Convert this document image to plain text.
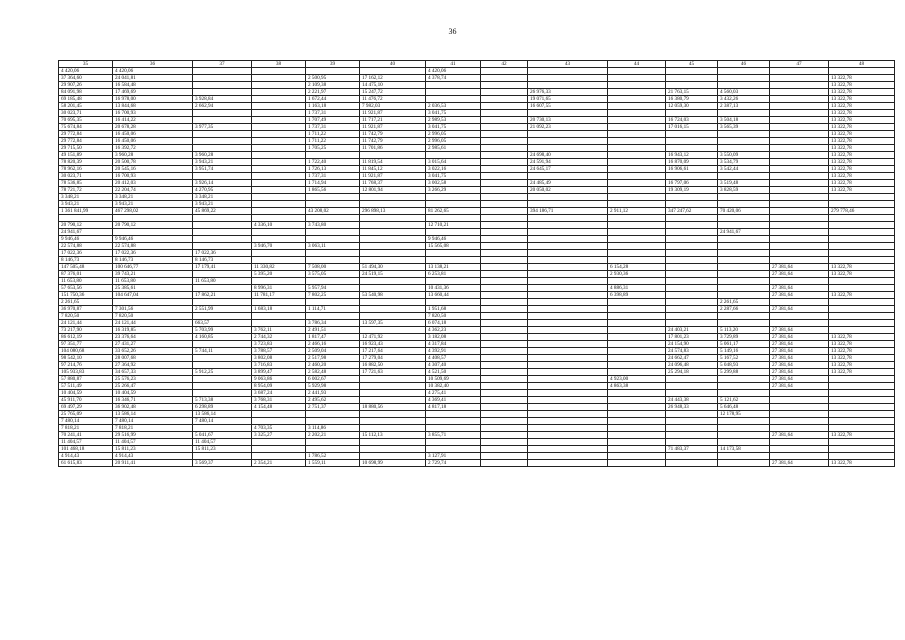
36
35	36	37	38	39	40	41	42	43	44	45	46	47	48
4 420,06	4 420,06					4 420,06							
37 364,60	24 041,81			2 500,95	17 162,12	4 378,74							13 322,78
29 907,26	16 584,48			2 109,38	14 475,10								13 322,78
84 091,98	17 469,69			2 221,97	15 247,72			26 976,33		21 763,15	4 560,03		13 322,78
69 185,48	16 978,00	3 928,84		1 672,44	11 476,72			19 071,65		16 380,79	3 432,26		13 322,78
58 201,45	13 844,68	2 662,94		1 163,18	7 982,03	2 036,53		16 607,55		12 059,30	2 387,13		13 322,78
30 023,71	16 700,93			1 737,31	11 921,87	3 041,75							13 322,78
70 695,35	16 414,22			1 707,49	11 717,21	2 989,53		20 730,13		16 724,03	3 504,18		13 322,78
75 674,84	20 678,28	3 977,35		1 737,31	11 921,87	3 041,75		21 092,23		17 016,15	3 565,39		13 322,78
29 772,84	16 450,06			1 711,22	11 742,79	2 996,05							13 322,78
29 772,84	16 450,06			1 711,22	11 742,79	2 996,05							13 322,78
29 715,50	16 392,72			1 705,25	11 701,86	2 985,61							13 322,78
49 151,89	3 960,28	3 960,28						24 698,40		16 943,12	3 550,09		13 322,78
78 820,39	20 500,78	3 943,21		1 722,40	11 819,54	3 015,64		24 591,94		16 870,09	3 534,79		13 322,78
78 962,16	20 545,16	3 951,74		1 726,13	11 845,12	3 022,16		24 645,17		16 906,61	3 542,44		13 322,78
30 023,71	16 700,93			1 737,31	11 921,87	3 041,75							13 322,78
78 536,85	20 412,03	3 926,14		1 714,94	11 768,37	3 002,58		24 485,49		16 797,06	3 519,48		13 322,78
78 721,72	22 204,74	4 270,95		1 865,56	12 801,94	3 266,29		20 050,02		19 309,19	3 828,59		13 322,78
3 348,21	3 348,21	3 348,21											
3 943,21	3 943,21	3 943,21											
1 361 841,99	467 298,02	45 869,22		43 208,02	296 898,13	81 262,65		394 186,71	2 911,12	347 247,62	70 420,06		279 778,46

20 790,12	20 790,12		4 336,10	3 743,80		12 710,21							
24 941,67											24 941,67		
9 946,46	9 946,46					9 946,46							
22 574,88	22 574,88		3 946,70	3 063,11		15 565,08							
17 022,36	17 022,36	17 022,36											
8 146,73	8 146,73	8 146,73											
147 505,48	100 646,77	17 179,41	11 330,82	7 508,00	51 494,30	13 138,21			6 154,28			27 381,64	13 322,78
87 376,01	39 743,21		5 395,20	3 575,05	24 519,15	6 253,81			2 930,36			27 381,64	13 322,78
11 653,80	11 653,80	11 653,80											
57 653,56	25 385,61		8 996,31	5 957,94		10 431,36			4 886,31			27 381,64	
151 750,36	104 647,04	17 862,21	11 781,17	7 802,25	53 540,98	13 660,44			6 398,89			27 381,64	13 322,78
2 261,65											2 261,65		
36 970,87	7 301,56	2 551,99	1 683,18	1 114,71		1 951,68					2 287,66	27 381,64	
7 820,50	7 820,50					7 820,50							
24 121,44	24 121,44	663,57		3 786,34	13 597,35	6 074,18							
73 217,90	16 319,85	5 703,99	3 762,11	2 491,51		4 362,23				24 403,21	5 113,20	27 381,64	
86 612,19	23 376,64	4 160,85	2 744,32	1 817,47	12 471,92	3 182,08				17 801,23	3 729,89	27 381,64	13 322,78
97 351,77	27 431,27		3 723,83	2 466,16	16 923,43	4 317,84				24 154,90	5 061,17	27 381,64	13 322,78
104 080,68	33 652,26	5 744,11	3 788,57	2 509,04	17 217,64	4 392,91				24 574,83	5 149,16	27 381,64	13 322,78
98 542,10	28 007,68		3 802,08	2 517,98	17 279,04	4 408,57				24 662,47	5 167,52	27 381,64	13 322,78
97 214,76	27 364,92		3 716,83	2 460,20	16 882,50	4 307,40				24 096,48	5 048,93	27 381,64	13 322,78
105 933,83	34 657,33	5 912,25	3 899,47	2 582,48	17 721,63	4 521,50				25 294,18	5 299,88	27 381,64	13 322,78
57 880,87	25 576,23		9 063,86	6 002,67		10 509,69			4 923,00			27 381,64	
57 511,49	25 266,47		8 954,09	5 929,98		10 382,40			4 863,38			27 381,64	
10 404,59	10 404,59		3 687,24	2 441,93		4 275,41							
45 911,70	16 346,71	5 713,38	3 768,31	2 495,62		4 369,41				24 443,38	5 121,62		
69 497,29	36 902,48	6 298,89	4 154,48	2 751,37	18 880,56	4 817,18				26 948,33	5 646,48		
25 765,09	13 586,14	13 586,14									12 178,95		
7 480,14	7 480,14	7 480,14											
7 818,21	7 818,21		4 703,35	3 114,86									
70 241,41	29 516,99	5 041,67	3 325,27	2 202,21	15 112,13	3 855,71						27 381,64	13 322,78
11 404,57	11 404,57	11 404,57											
101 468,18	15 811,23	15 811,23								71 483,37	14 173,58		
4 914,43	4 914,43			1 786,52		3 127,91							
61 615,83	20 911,41	3 569,37	2 354,21	1 559,11	10 698,99	2 729,74						27 381,64	13 322,78
